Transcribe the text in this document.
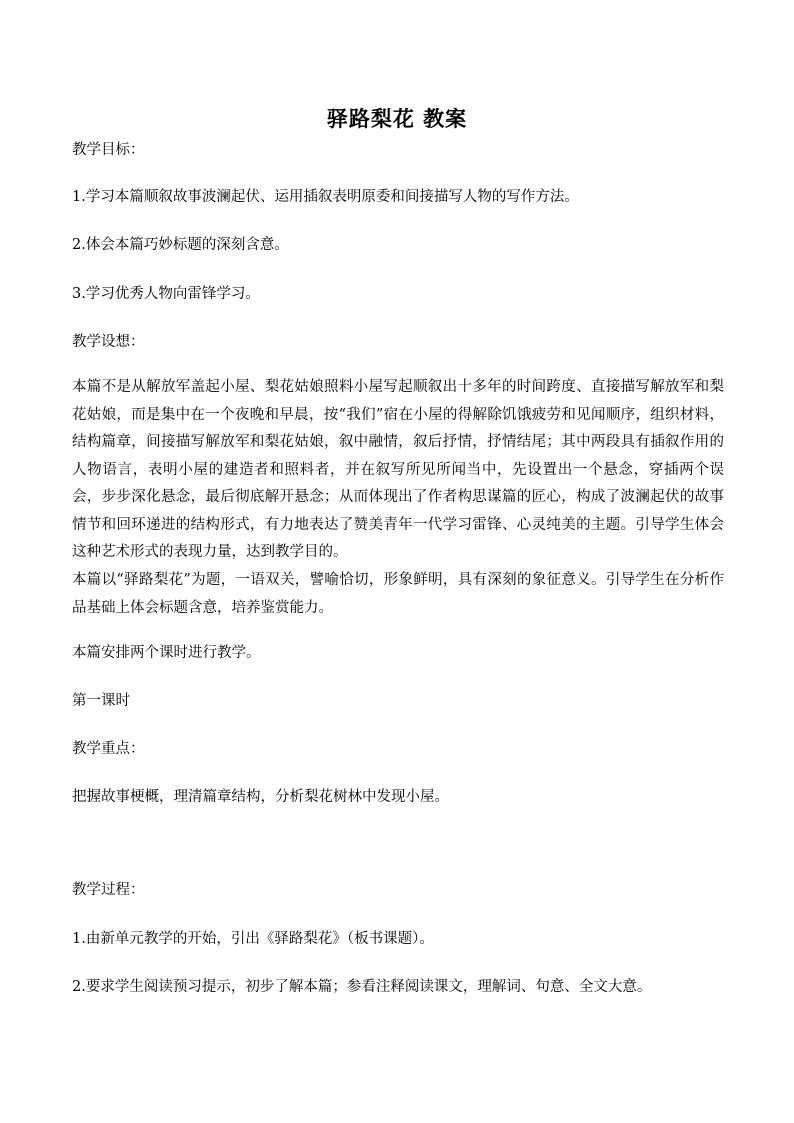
驿路梨花 教案
教学目标：
1.学习本篇顺叙故事波澜起伏、运用插叙表明原委和间接描写人物的写作方法。
2.体会本篇巧妙标题的深刻含意。
3.学习优秀人物向雷锋学习。
教学设想：
本篇不是从解放军盖起小屋、梨花姑娘照料小屋写起顺叙出十多年的时间跨度、直接描写解放军和梨花姑娘，而是集中在一个夜晚和早晨，按“我们”宿在小屋的得解除饥饿疲劳和见闻顺序，组织材料，结构篇章，间接描写解放军和梨花姑娘，叙中融情，叙后抒情，抒情结尾；其中两段具有插叙作用的人物语言，表明小屋的建造者和照料者，并在叙写所见所闻当中，先设置出一个悬念，穿插两个误会，步步深化悬念，最后彻底解开悬念；从而体现出了作者构思谋篇的匠心，构成了波澜起伏的故事情节和回环递进的结构形式，有力地表达了赞美青年一代学习雷锋、心灵纯美的主题。引导学生体会这种艺术形式的表现力量，达到教学目的。
本篇以“驿路梨花”为题，一语双关，譬喻恰切，形象鲜明，具有深刻的象征意义。引导学生在分析作品基础上体会标题含意，培养鉴赏能力。
本篇安排两个课时进行教学。
第一课时
教学重点：
把握故事梗概，理清篇章结构，分析梨花树林中发现小屋。
教学过程：
1.由新单元教学的开始，引出《驿路梨花》（板书课题）。
2.要求学生阅读预习提示，初步了解本篇；参看注释阅读课文，理解词、句意、全文大意。
